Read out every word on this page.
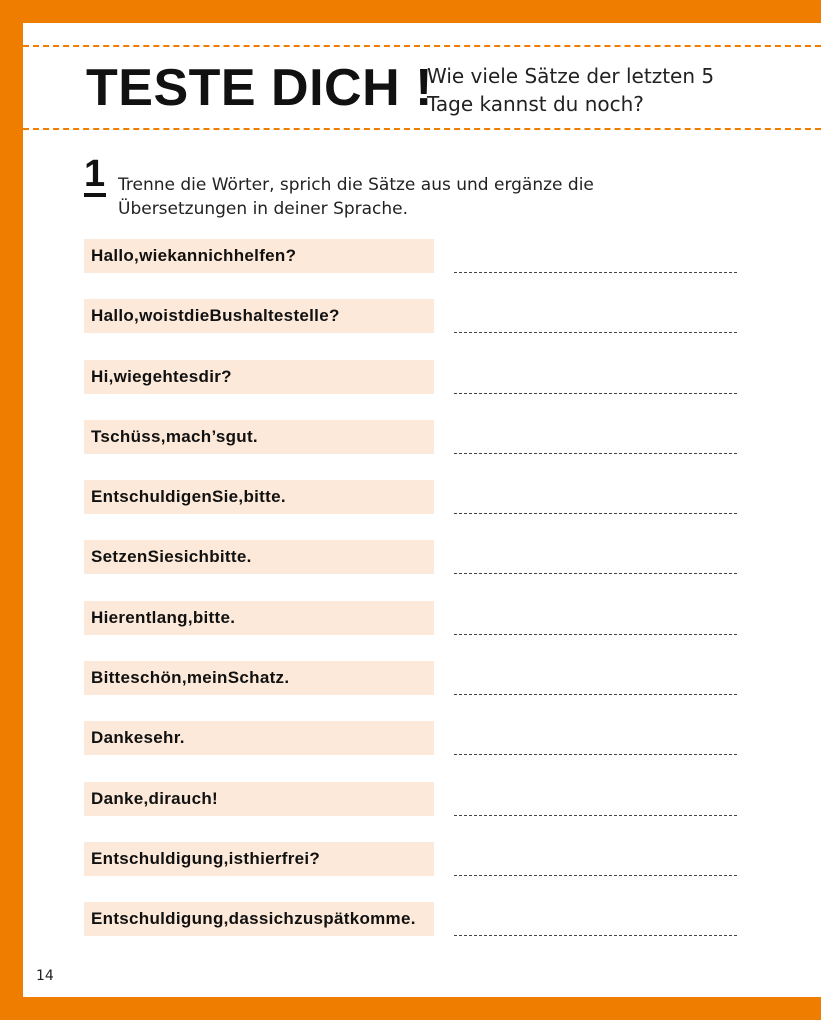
TESTE DICH !

Wie viele Sätze der letzten 5 Tage kannst du noch?

1 Trenne die Wörter, sprich die Sätze aus und ergänze die Übersetzungen in deiner Sprache.

Hallo,wiekannichhelfen?
Hallo,woistdieBushaltestelle?
Hi,wiegehtesdir?
Tschüss,mach’sgut.
EntschuldigenSie,bitte.
SetzenSiesichbitte.
Hierentlang,bitte.
Bitteschön,meinSchatz.
Dankesehr.
Danke,dirauch!
Entschuldigung,isthierfrei?
Entschuldigung,dassichzuspätkomme.
14
